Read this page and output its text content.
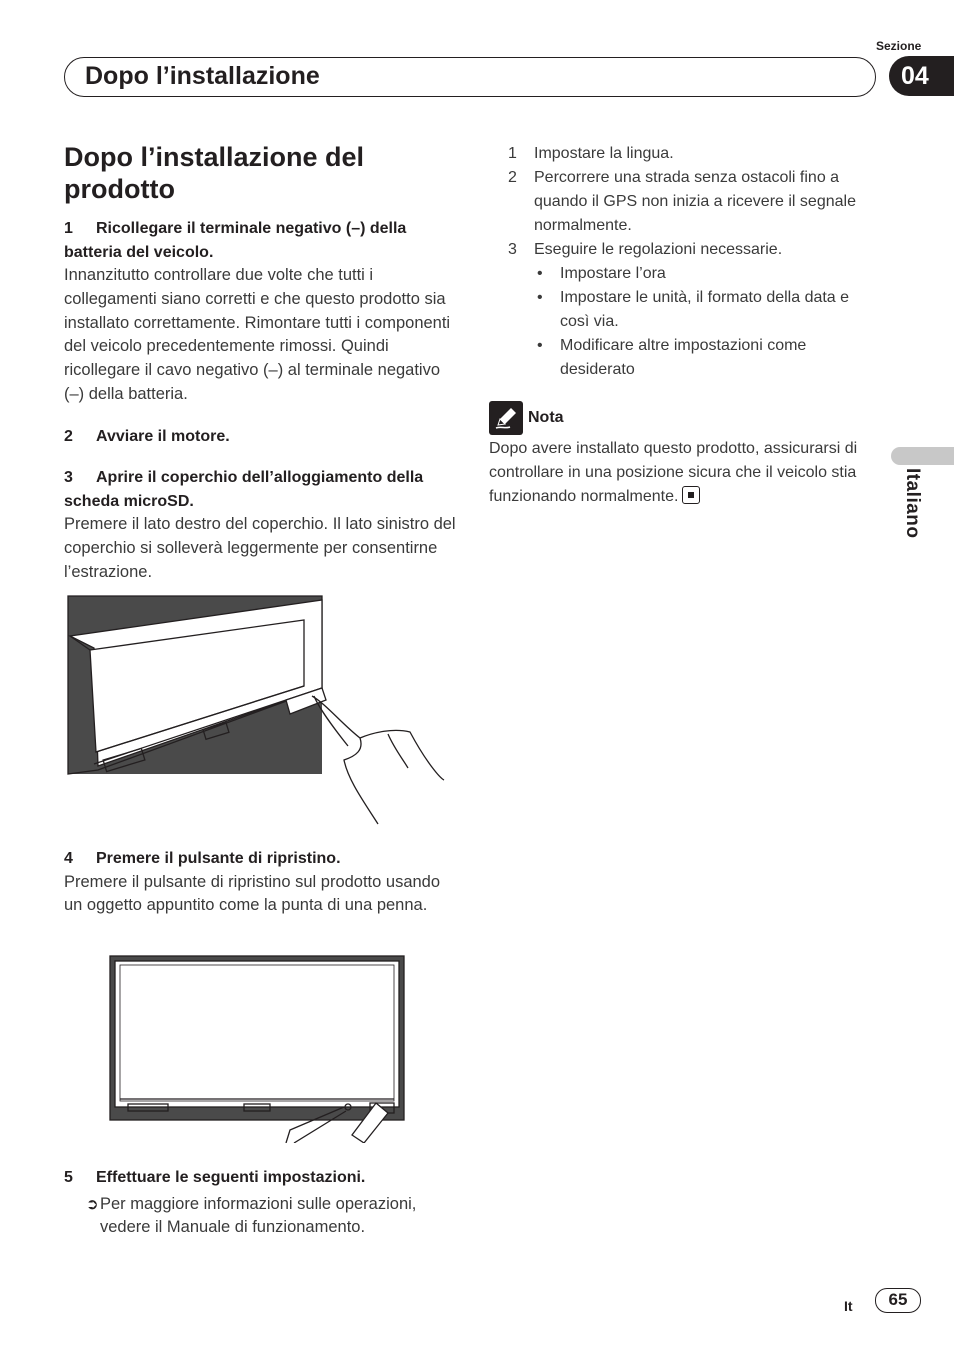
Sezione
Dopo l’installazione	04
Italiano
Dopo l’installazione del prodotto
1 Ricollegare il terminale negativo (–) della batteria del veicolo.

Innanzitutto controllare due volte che tutti i collegamenti siano corretti e che questo prodotto sia installato correttamente. Rimontare tutti i componenti del veicolo precedentemente rimossi. Quindi ricollegare il cavo negativo (–) al terminale negativo (–) della batteria.

2 Avviare il motore.
3 Aprire il coperchio dell’alloggiamento della scheda microSD.

Premere il lato destro del coperchio. Il lato sinistro del coperchio si solleverà leggermente per consentirne l’estrazione.

4 Premere il pulsante di ripristino.

Premere il pulsante di ripristino sul prodotto usando un oggetto appuntito come la punta di una penna.

5 Effettuare le seguenti impostazioni.
➲ Per maggiore informazioni sulle operazioni, vedere il Manuale di funzionamento.
1	Impostare la lingua.
2	Percorrere una strada senza ostacoli fino a quando il GPS non inizia a ricevere il segnale normalmente.
3	Eseguire le regolazioni necessarie.
•	Impostare l’ora
•	Impostare le unità, il formato della data e così via.
•	Modificare altre impostazioni come desiderato
Nota

Dopo avere installato questo prodotto, assicurarsi di controllare in una posizione sicura che il veicolo stia funzionando normalmente.

It	65
